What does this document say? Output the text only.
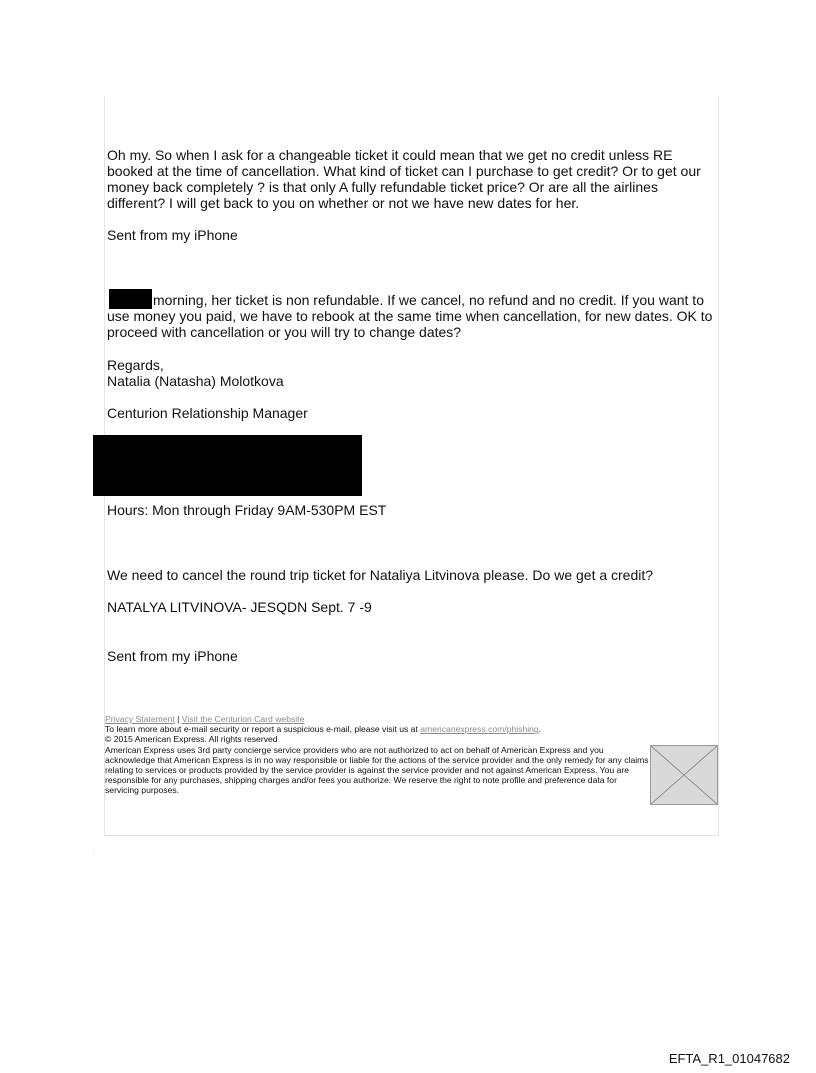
Oh my. So when I ask for a changeable ticket it could mean that we get no credit unless RE booked at the time of cancellation. What kind of ticket can I purchase to get credit? Or to get our money back completely ? is that only A fully refundable ticket price? Or are all the airlines different? I will get back to you on whether or not we have new dates for her.

Sent from my iPhone

morning, her ticket is non refundable. If we cancel, no refund and no credit. If you want to use money you paid, we have to rebook at the same time when cancellation, for new dates. OK to proceed with cancellation or you will try to change dates?

Regards,

Natalia (Natasha) Molotkova

Centurion Relationship Manager

Hours: Mon through Friday 9AM-530PM EST

We need to cancel the round trip ticket for Nataliya Litvinova please. Do we get a credit?

NATALYA LITVINOVA- JESQDN Sept. 7 -9

Sent from my iPhone

Privacy Statement | Visit the Centurion Card website

To learn more about e-mail security or report a suspicious e-mail, please visit us at americanexpress.com/phishing.

© 2015 American Express. All rights reserved

American Express uses 3rd party concierge service providers who are not authorized to act on behalf of American Express and you acknowledge that American Express is in no way responsible or liable for the actions of the service provider and the only remedy for any claims relating to services or products provided by the service provider is against the service provider and not against American Express. You are responsible for any purchases, shipping charges and/or fees you authorize. We reserve the right to note profile and preference data for servicing purposes.

:
EFTA_R1_01047682
